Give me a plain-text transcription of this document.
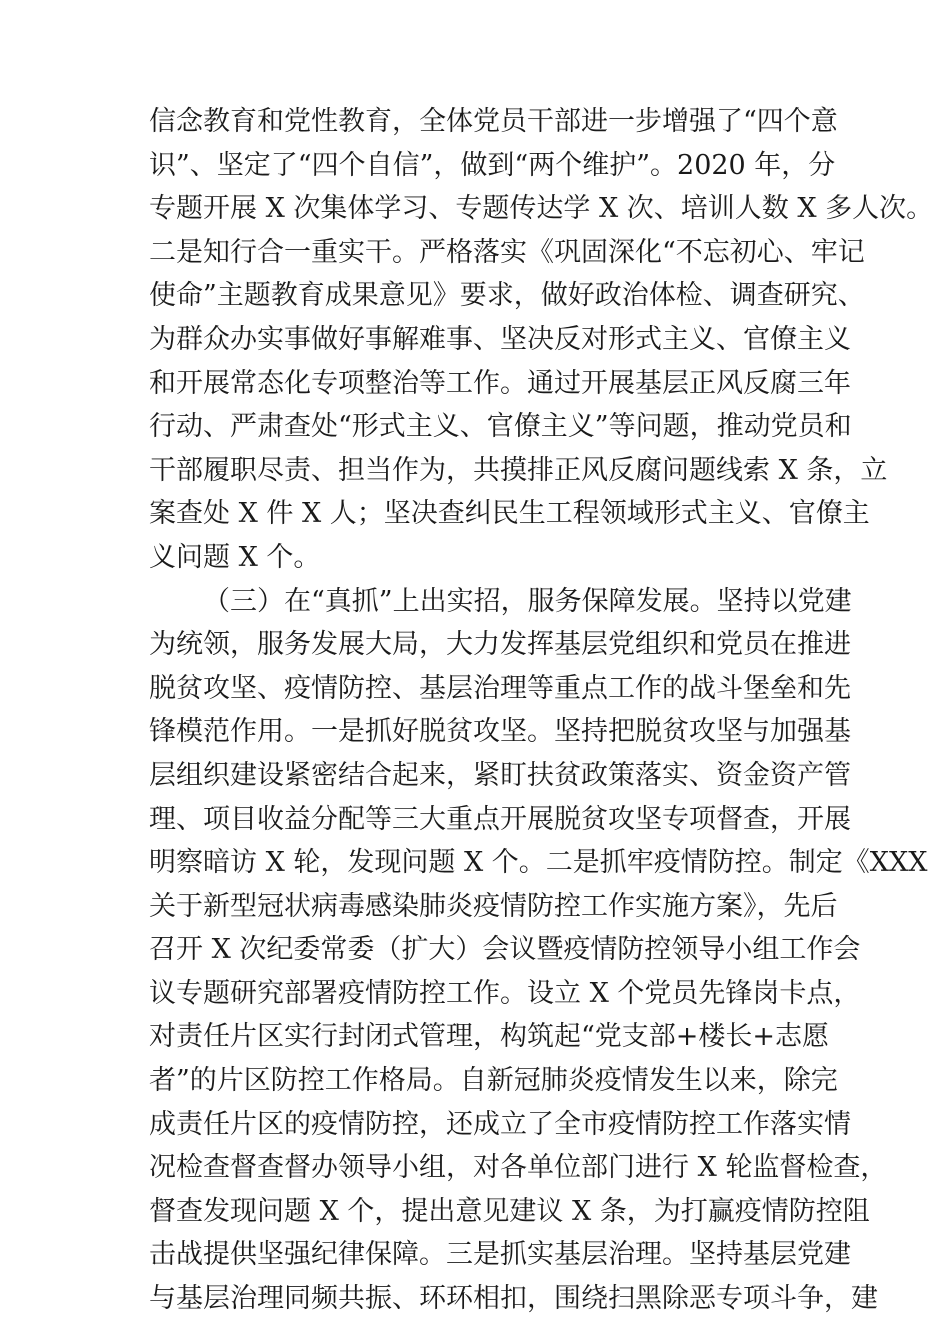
信念教育和党性教育，全体党员干部进一步增强了“四个意
识”、坚定了“四个自信”，做到“两个维护”。2020 年，分
专题开展 X 次集体学习、专题传达学 X 次、培训人数 X 多人次。
二是知行合一重实干。严格落实《巩固深化“不忘初心、牢记
使命”主题教育成果意见》要求，做好政治体检、调查研究、
为群众办实事做好事解难事、坚决反对形式主义、官僚主义
和开展常态化专项整治等工作。通过开展基层正风反腐三年
行动、严肃查处“形式主义、官僚主义”等问题，推动党员和
干部履职尽责、担当作为，共摸排正风反腐问题线索 X 条，立
案查处 X 件 X 人；坚决查纠民生工程领域形式主义、官僚主
义问题 X 个。
（三）在“真抓”上出实招，服务保障发展。坚持以党建
为统领，服务发展大局，大力发挥基层党组织和党员在推进
脱贫攻坚、疫情防控、基层治理等重点工作的战斗堡垒和先
锋模范作用。一是抓好脱贫攻坚。坚持把脱贫攻坚与加强基
层组织建设紧密结合起来，紧盯扶贫政策落实、资金资产管
理、项目收益分配等三大重点开展脱贫攻坚专项督查，开展
明察暗访 X 轮，发现问题 X 个。二是抓牢疫情防控。制定《XXX
关于新型冠状病毒感染肺炎疫情防控工作实施方案》，先后
召开 X 次纪委常委（扩大）会议暨疫情防控领导小组工作会
议专题研究部署疫情防控工作。设立 X 个党员先锋岗卡点，
对责任片区实行封闭式管理，构筑起“党支部+楼长+志愿
者”的片区防控工作格局。自新冠肺炎疫情发生以来，除完
成责任片区的疫情防控，还成立了全市疫情防控工作落实情
况检查督查督办领导小组，对各单位部门进行 X 轮监督检查，
督查发现问题 X 个，提出意见建议 X 条，为打赢疫情防控阻
击战提供坚强纪律保障。三是抓实基层治理。坚持基层党建
与基层治理同频共振、环环相扣，围绕扫黑除恶专项斗争，建
